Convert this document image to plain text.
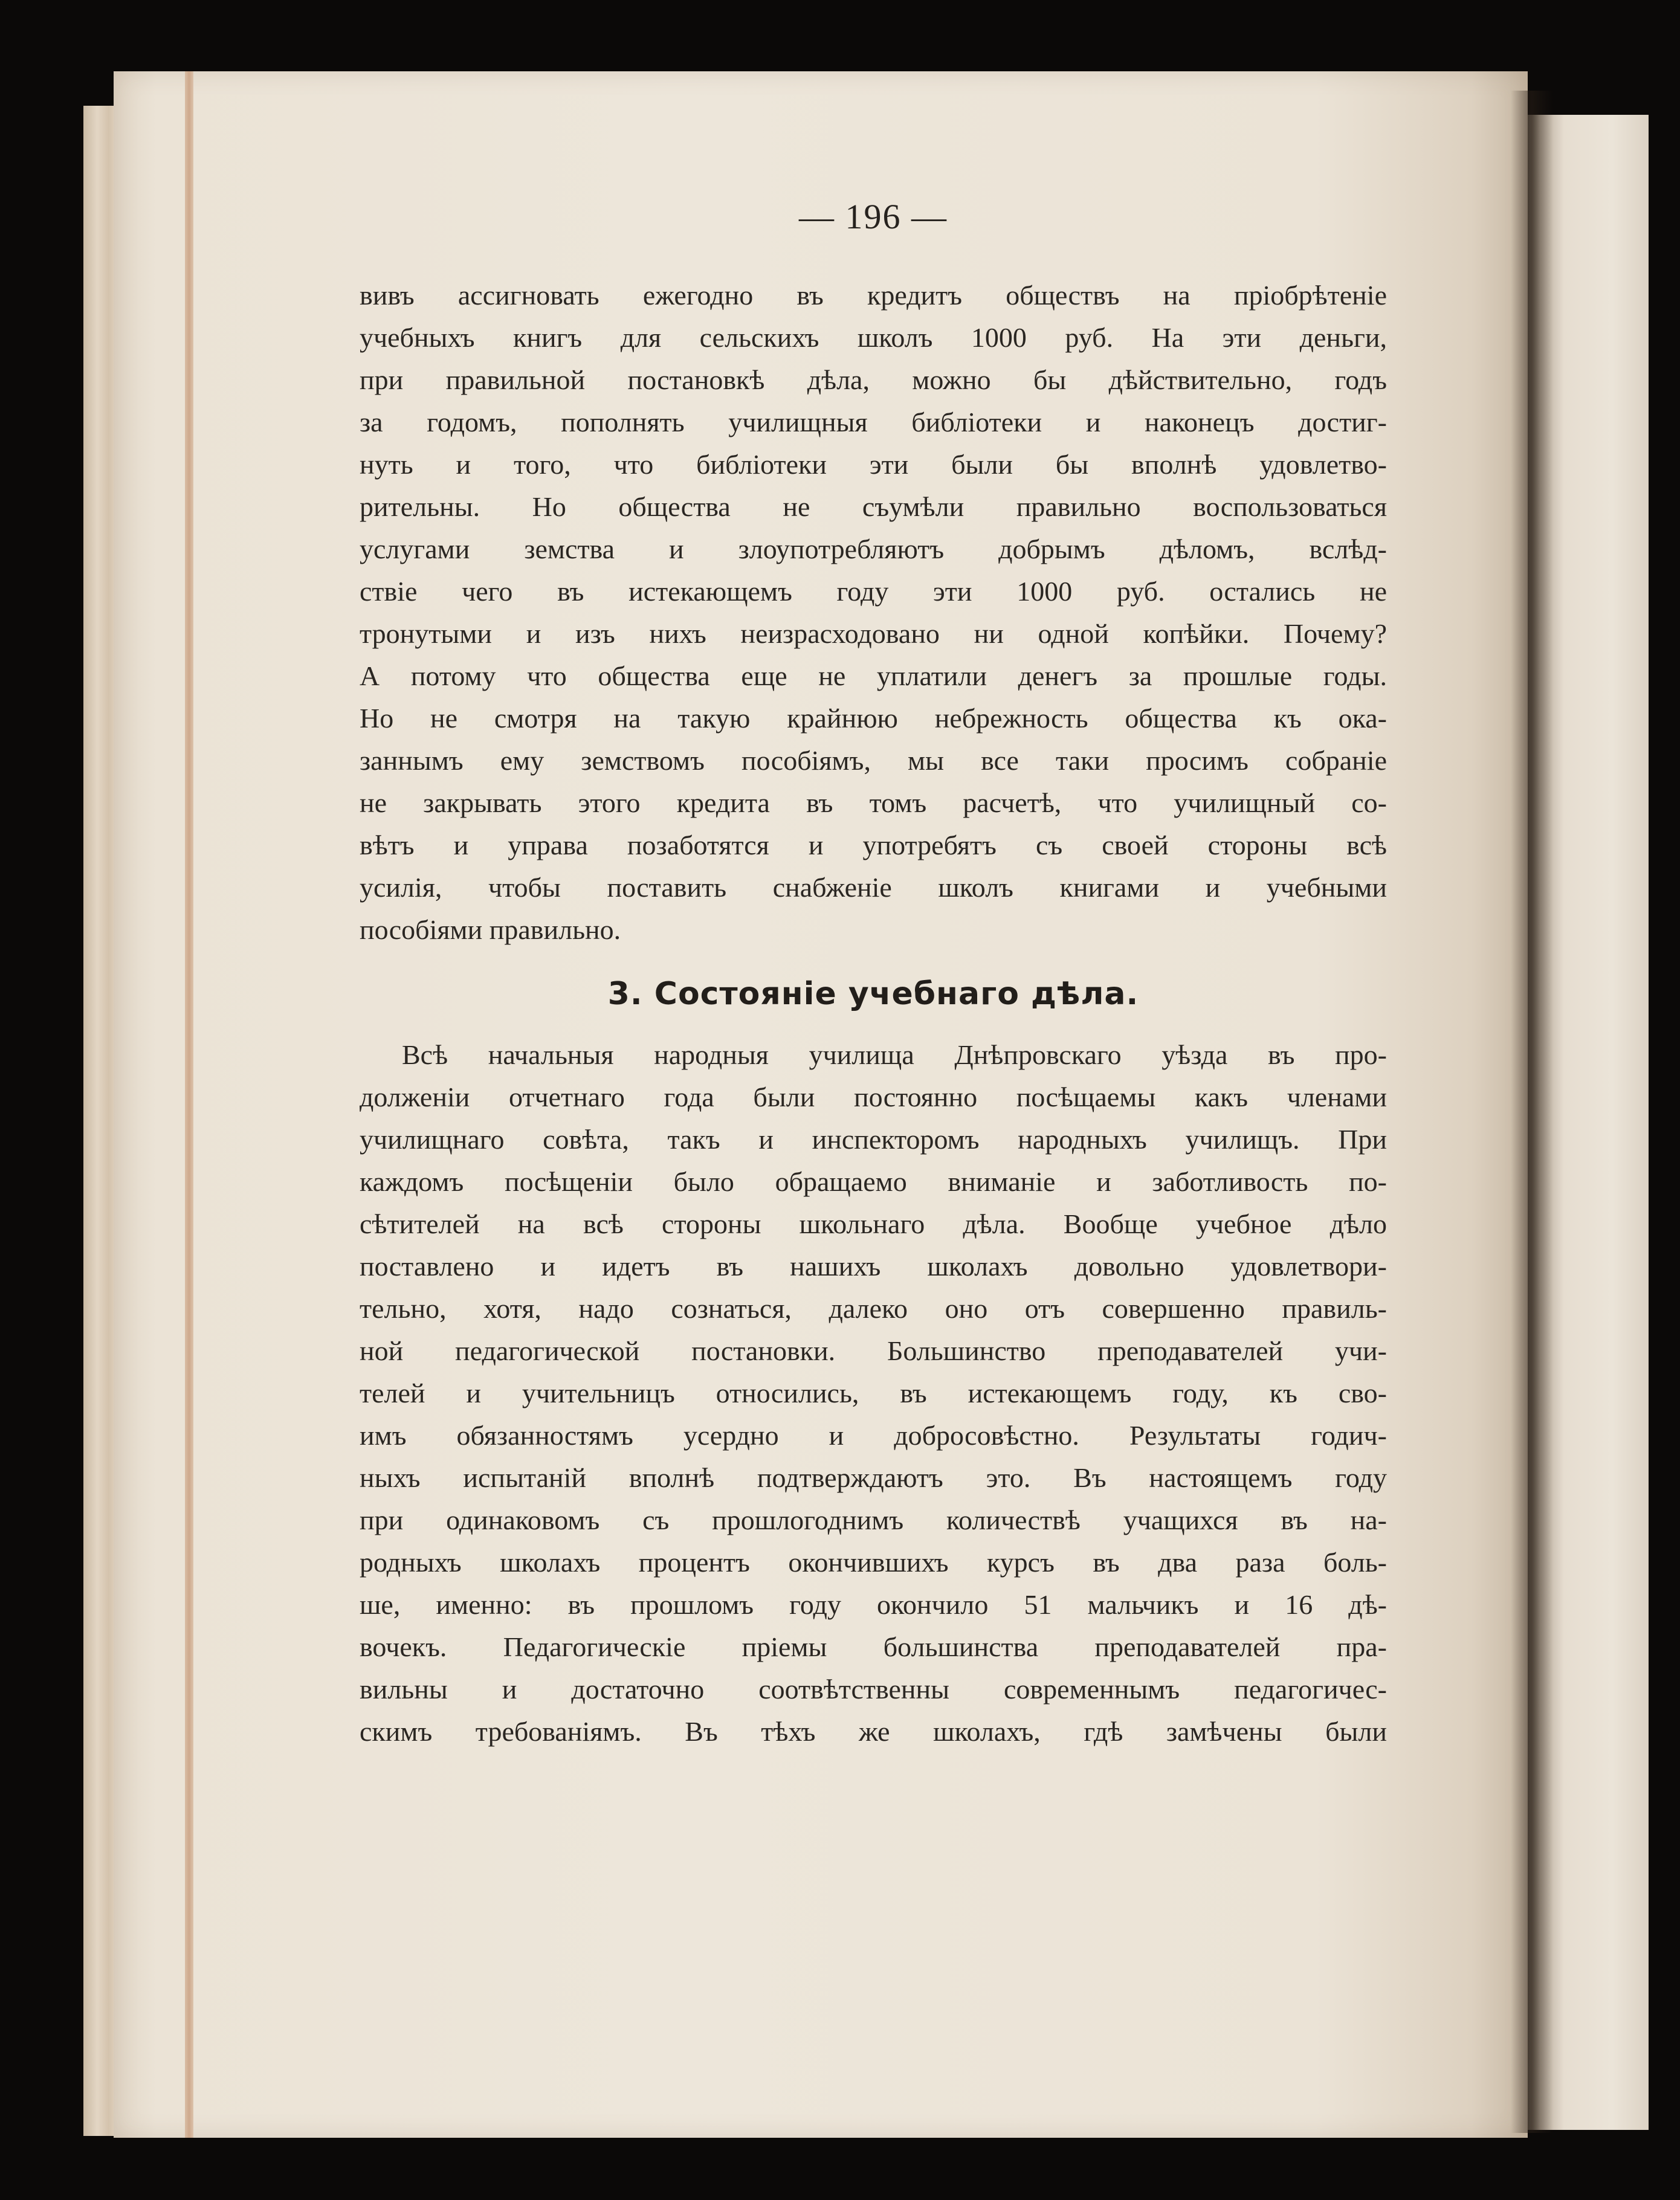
— 196 —
вивъ ассигновать ежегодно въ кредитъ обществъ на пріобрѣтеніе
учебныхъ книгъ для сельскихъ школъ 1000 руб. На эти деньги,
при правильной постановкѣ дѣла, можно бы дѣйствительно, годъ
за годомъ, пополнять училищныя библіотеки и наконецъ достиг-
нуть и того, что библіотеки эти были бы вполнѣ удовлетво-
рительны. Но общества не съумѣли правильно воспользоваться
услугами земства и злоупотребляютъ добрымъ дѣломъ, вслѣд-
ствіе чего въ истекающемъ году эти 1000 руб. остались не
тронутыми и изъ нихъ неизрасходовано ни одной копѣйки. Почему?
А потому что общества еще не уплатили денегъ за прошлые годы.
Но не смотря на такую крайнюю небрежность общества къ ока-
заннымъ ему земствомъ пособіямъ, мы все таки просимъ собраніе
не закрывать этого кредита въ томъ расчетѣ, что училищный со-
вѣтъ и управа позаботятся и употребятъ съ своей стороны всѣ
усилія, чтобы поставить снабженіе школъ книгами и учебными
пособіями правильно.
3. Состояніе учебнаго дѣла.
Всѣ начальныя народныя училища Днѣпровскаго уѣзда въ про-
долженіи отчетнаго года были постоянно посѣщаемы какъ членами
училищнаго совѣта, такъ и инспекторомъ народныхъ училищъ. При
каждомъ посѣщеніи было обращаемо вниманіе и заботливость по-
сѣтителей на всѣ стороны школьнаго дѣла. Вообще учебное дѣло
поставлено и идетъ въ нашихъ школахъ довольно удовлетвори-
тельно, хотя, надо сознаться, далеко оно отъ совершенно правиль-
ной педагогической постановки. Большинство преподавателей учи-
телей и учительницъ относились, въ истекающемъ году, къ сво-
имъ обязанностямъ усердно и добросовѣстно. Результаты годич-
ныхъ испытаній вполнѣ подтверждаютъ это. Въ настоящемъ году
при одинаковомъ съ прошлогоднимъ количествѣ учащихся въ на-
родныхъ школахъ процентъ окончившихъ курсъ въ два раза боль-
ше, именно: въ прошломъ году окончило 51 мальчикъ и 16 дѣ-
вочекъ. Педагогическіе пріемы большинства преподавателей пра-
вильны и достаточно соотвѣтственны современнымъ педагогичес-
скимъ требованіямъ. Въ тѣхъ же школахъ, гдѣ замѣчены были
